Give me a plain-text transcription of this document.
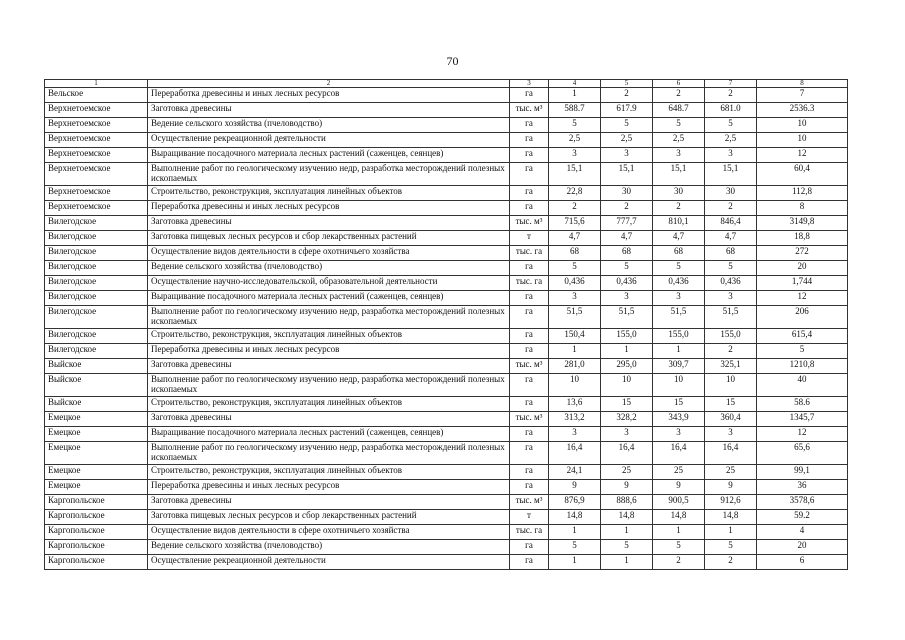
70
1	2	3	4	5	6	7	8
Вельское	Переработка древесины и иных лесных ресурсов	га	1	2	2	2	7
Верхнетоемское	Заготовка древесины	тыс. м³	588.7	617.9	648.7	681.0	2536.3
Верхнетоемское	Ведение сельского хозяйства (пчеловодство)	га	5	5	5	5	10
Верхнетоемское	Осуществление рекреационной деятельности	га	2,5	2,5	2,5	2,5	10
Верхнетоемское	Выращивание посадочного материала лесных растений (саженцев, сеянцев)	га	3	3	3	3	12
Верхнетоемское	Выполнение работ по геологическому изучению недр, разработка месторождений полезных ископаемых	га	15,1	15,1	15,1	15,1	60,4
Верхнетоемское	Строительство, реконструкция, эксплуатация линейных объектов	га	22,8	30	30	30	112,8
Верхнетоемское	Переработка древесины и иных лесных ресурсов	га	2	2	2	2	8
Вилегодское	Заготовка древесины	тыс. м³	715,6	777,7	810,1	846,4	3149,8
Вилегодское	Заготовка пищевых лесных ресурсов и сбор лекарственных растений	т	4,7	4,7	4,7	4,7	18,8
Вилегодское	Осуществление видов деятельности в сфере охотничьего хозяйства	тыс. га	68	68	68	68	272
Вилегодское	Ведение сельского хозяйства (пчеловодство)	га	5	5	5	5	20
Вилегодское	Осуществление научно-исследовательской, образовательной деятельности	тыс. га	0,436	0,436	0,436	0,436	1,744
Вилегодское	Выращивание посадочного материала лесных растений (саженцев, сеянцев)	га	3	3	3	3	12
Вилегодское	Выполнение работ по геологическому изучению недр, разработка месторождений полезных ископаемых	га	51,5	51,5	51,5	51,5	206
Вилегодское	Строительство, реконструкция, эксплуатация линейных объектов	га	150,4	155,0	155,0	155,0	615,4
Вилегодское	Переработка древесины и иных лесных ресурсов	га	1	1	1	2	5
Выйское	Заготовка древесины	тыс. м³	281,0	295,0	309,7	325,1	1210,8
Выйское	Выполнение работ по геологическому изучению недр, разработка месторождений полезных ископаемых	га	10	10	10	10	40
Выйское	Строительство, реконструкция, эксплуатация линейных объектов	га	13,6	15	15	15	58.6
Емецкое	Заготовка древесины	тыс. м³	313,2	328,2	343,9	360,4	1345,7
Емецкое	Выращивание посадочного материала лесных растений (саженцев, сеянцев)	га	3	3	3	3	12
Емецкое	Выполнение работ по геологическому изучению недр, разработка месторождений полезных ископаемых	га	16,4	16,4	16,4	16,4	65,6
Емецкое	Строительство, реконструкция, эксплуатация линейных объектов	га	24,1	25	25	25	99,1
Емецкое	Переработка древесины и иных лесных ресурсов	га	9	9	9	9	36
Каргопольское	Заготовка древесины	тыс. м³	876,9	888,6	900,5	912,6	3578,6
Каргопольское	Заготовка пищевых лесных ресурсов и сбор лекарственных растений	т	14,8	14,8	14,8	14,8	59.2
Каргопольское	Осуществление видов деятельности в сфере охотничьего хозяйства	тыс. га	1	1	1	1	4
Каргопольское	Ведение сельского хозяйства (пчеловодство)	га	5	5	5	5	20
Каргопольское	Осуществление рекреационной деятельности	га	1	1	2	2	6
